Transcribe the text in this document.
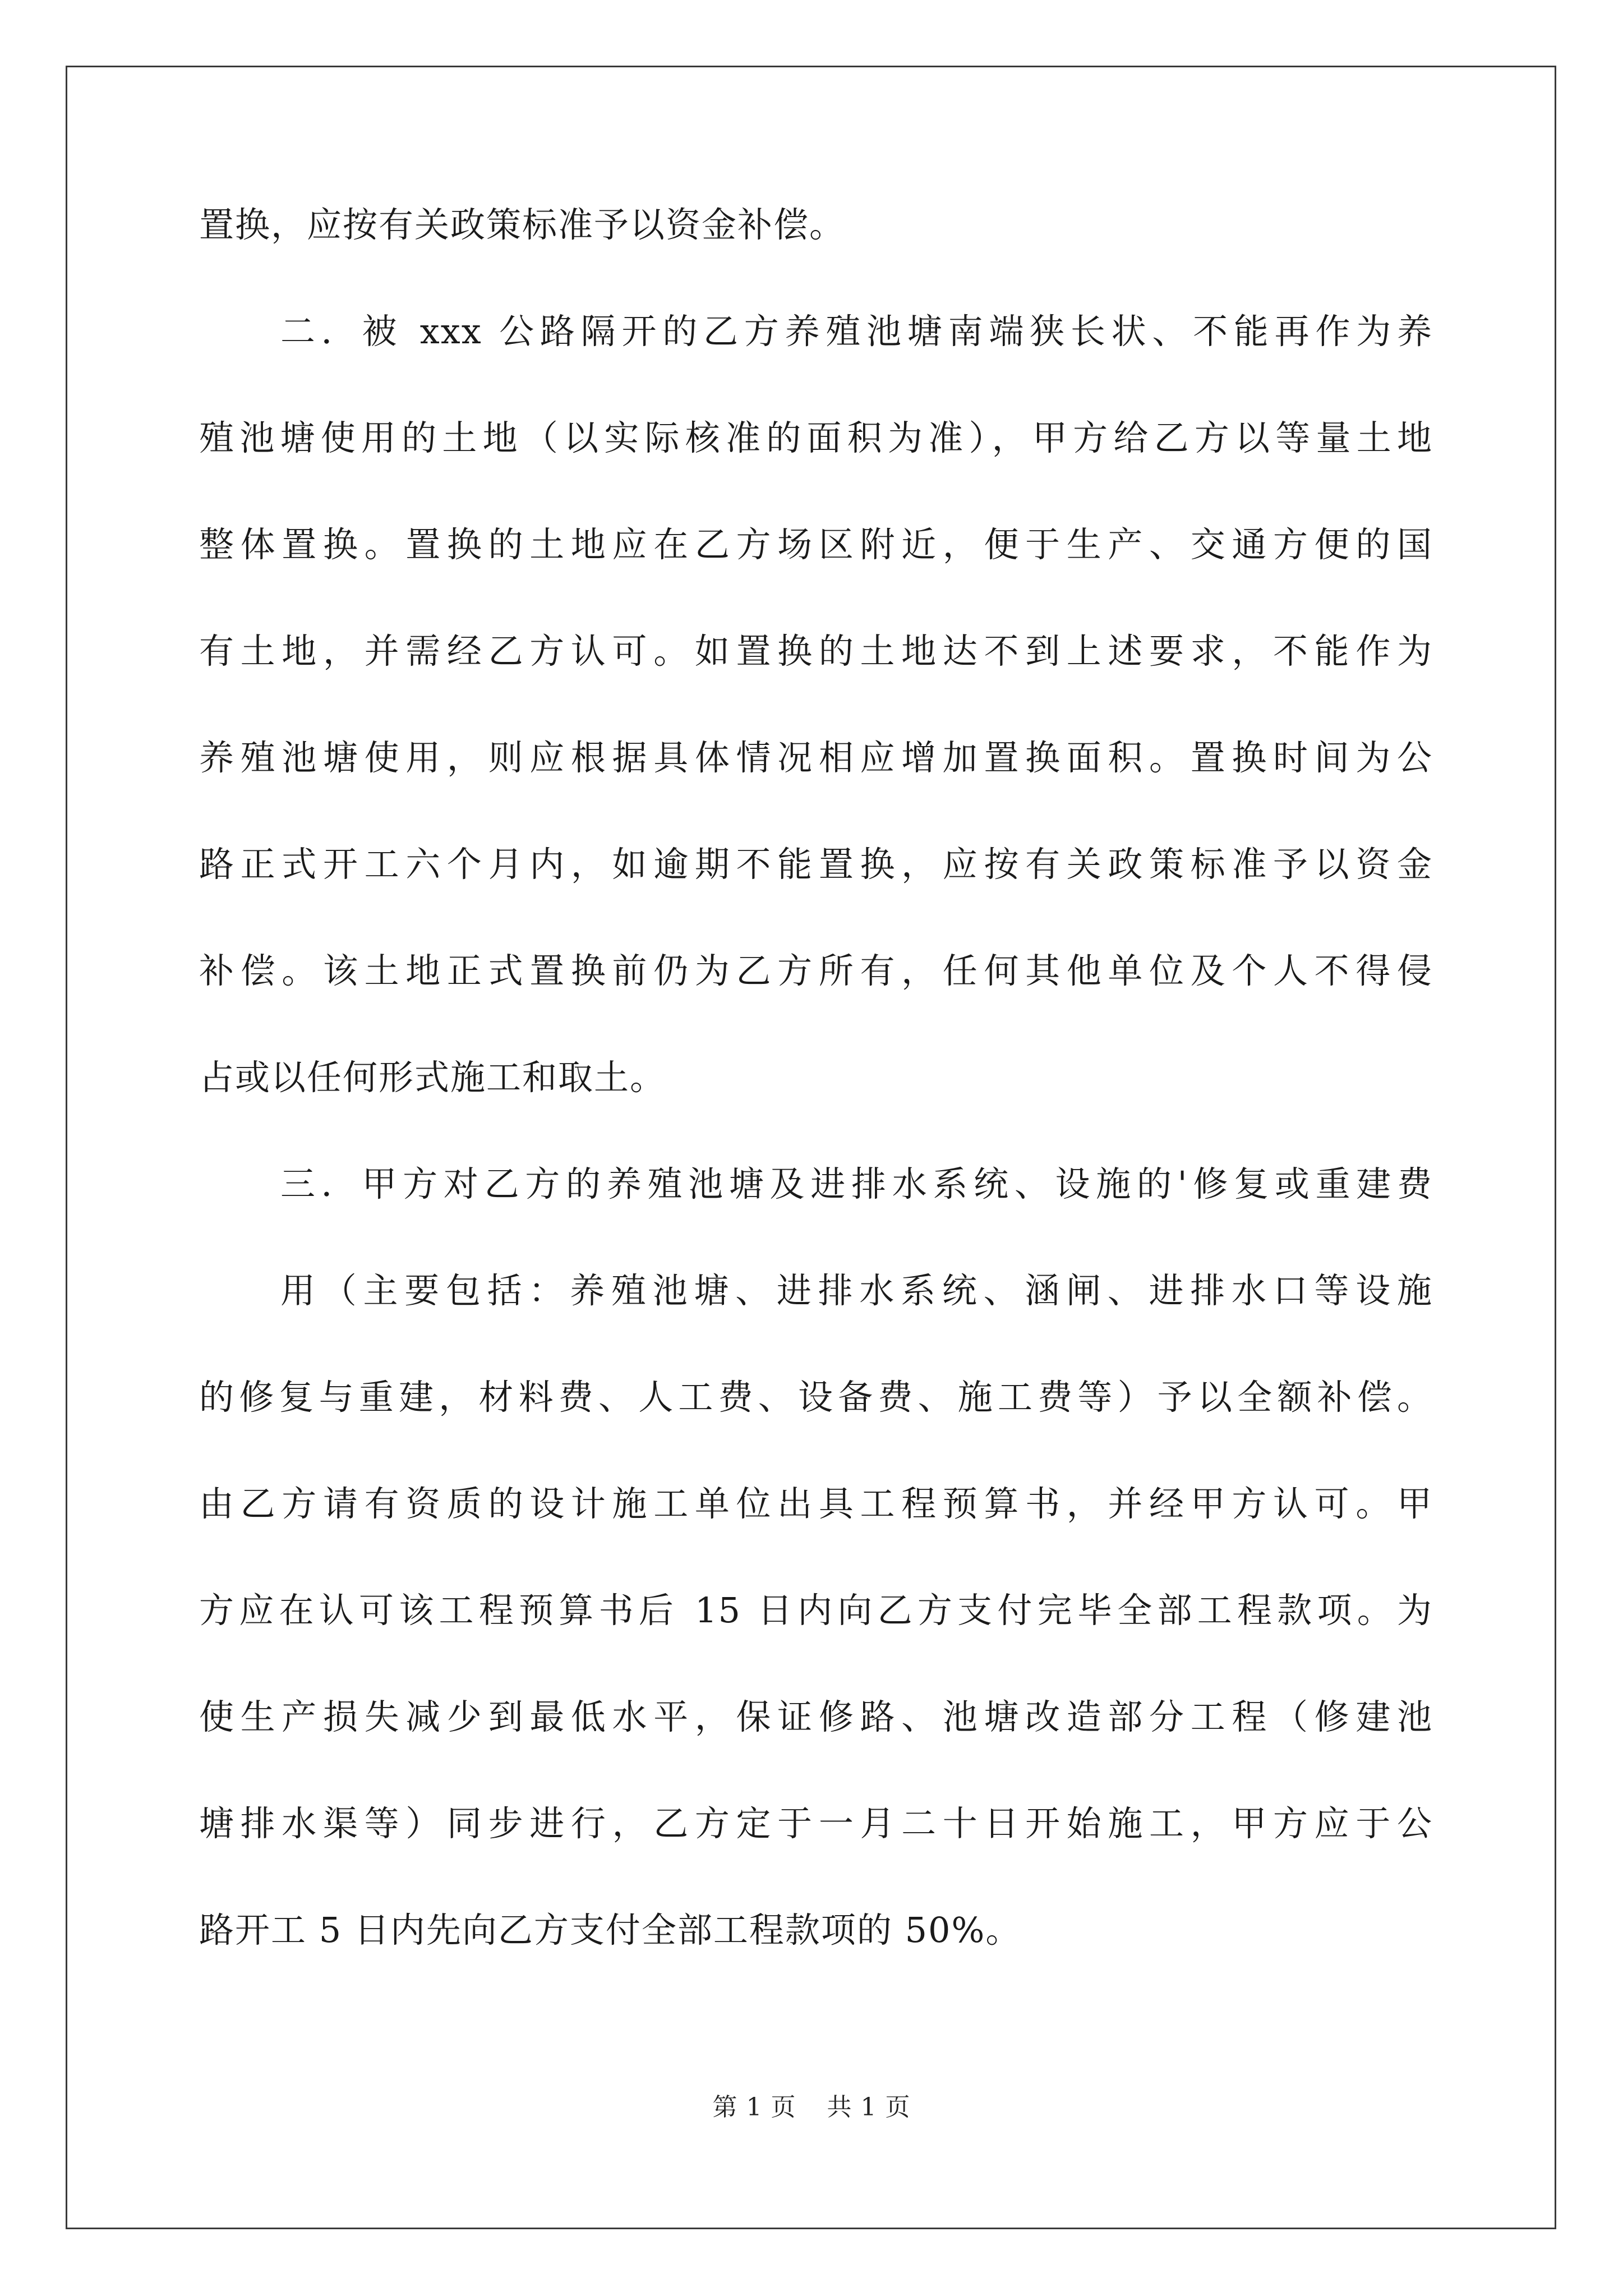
置换，应按有关政策标准予以资金补偿。
二．被 xxx 公路隔开的乙方养殖池塘南端狭长状、不能再作为养
殖池塘使用的土地（以实际核准的面积为准），甲方给乙方以等量土地
整体置换。置换的土地应在乙方场区附近，便于生产、交通方便的国
有土地，并需经乙方认可。如置换的土地达不到上述要求，不能作为
养殖池塘使用，则应根据具体情况相应增加置换面积。置换时间为公
路正式开工六个月内，如逾期不能置换，应按有关政策标准予以资金
补偿。该土地正式置换前仍为乙方所有，任何其他单位及个人不得侵
占或以任何形式施工和取土。
三．甲方对乙方的养殖池塘及进排水系统、设施的'修复或重建费
用（主要包括：养殖池塘、进排水系统、涵闸、进排水口等设施
的修复与重建，材料费、人工费、设备费、施工费等）予以全额补偿。
由乙方请有资质的设计施工单位出具工程预算书，并经甲方认可。甲
方应在认可该工程预算书后 15 日内向乙方支付完毕全部工程款项。为
使生产损失减少到最低水平，保证修路、池塘改造部分工程（修建池
塘排水渠等）同步进行，乙方定于一月二十日开始施工，甲方应于公
路开工 5 日内先向乙方支付全部工程款项的 50%。
第 1 页 共 1 页
